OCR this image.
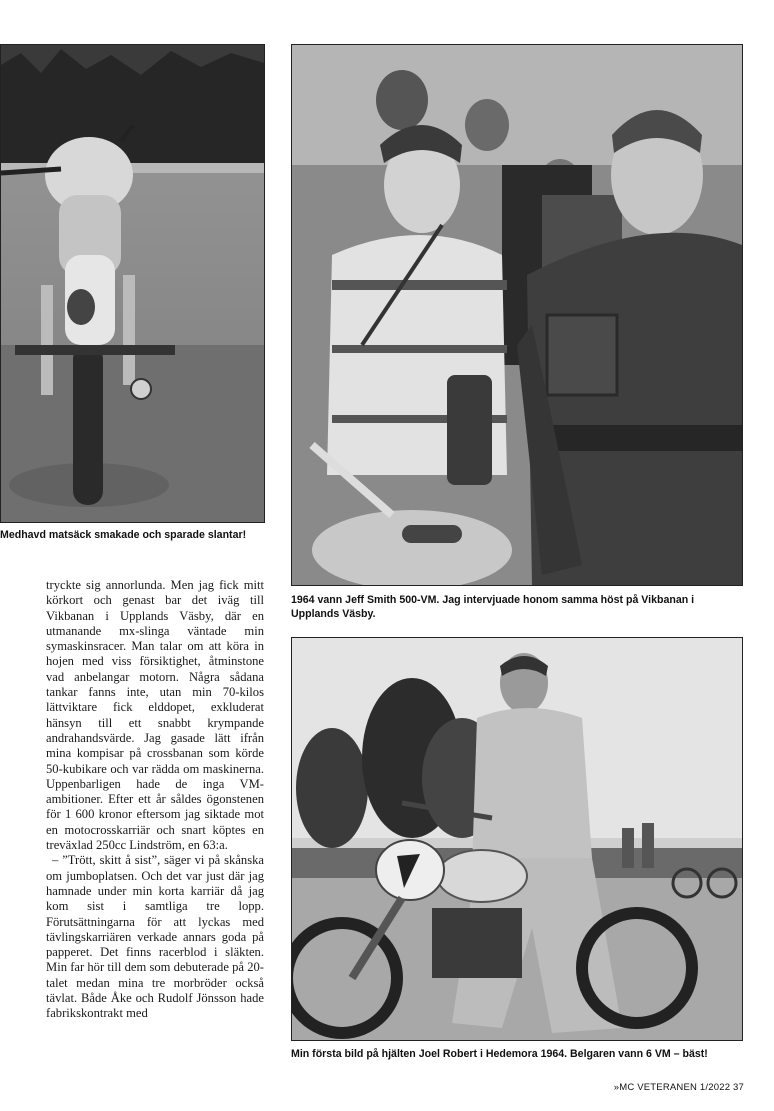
Medhavd matsäck smakade och sparade slantar!
1964 vann Jeff Smith 500-VM. Jag intervjuade honom samma höst på Vikbanan i Upplands Väsby.
Min första bild på hjälten Joel Robert i Hedemora 1964. Belgaren vann 6 VM – bäst!

tryckte sig annorlunda. Men jag fick mitt körkort och genast bar det iväg till Vikbanan i Upplands Väsby, där en utmanande mx-slinga väntade min symaskinsracer. Man talar om att köra in hojen med viss försiktighet, åtminstone vad anbelangar motorn. Några sådana tankar fanns inte, utan min 70-kilos lättviktare fick elddopet, exkluderat hänsyn till ett snabbt krympande andrahandsvärde. Jag gasade lätt ifrån mina kompisar på crossbanan som körde 50-kubikare och var rädda om maskinerna. Uppenbarligen hade de inga VM-ambitioner. Efter ett år såldes ögonstenen för 1 600 kronor eftersom jag siktade mot en motocrosskarriär och snart köptes en treväxlad 250cc Lindström, en 63:a.

– ”Trött, skitt å sist”, säger vi på skånska om jumboplatsen. Och det var just där jag hamnade under min korta karriär då jag kom sist i samtliga tre lopp. Förutsättningarna för att lyckas med tävlingskarriären verkade annars goda på papperet. Det finns racerblod i släkten. Min far hör till dem som debuterade på 20-talet medan mina tre morbröder också tävlat. Både Åke och Rudolf Jönsson hade fabrikskontrakt med

»MC VETERANEN 1/2022 37
